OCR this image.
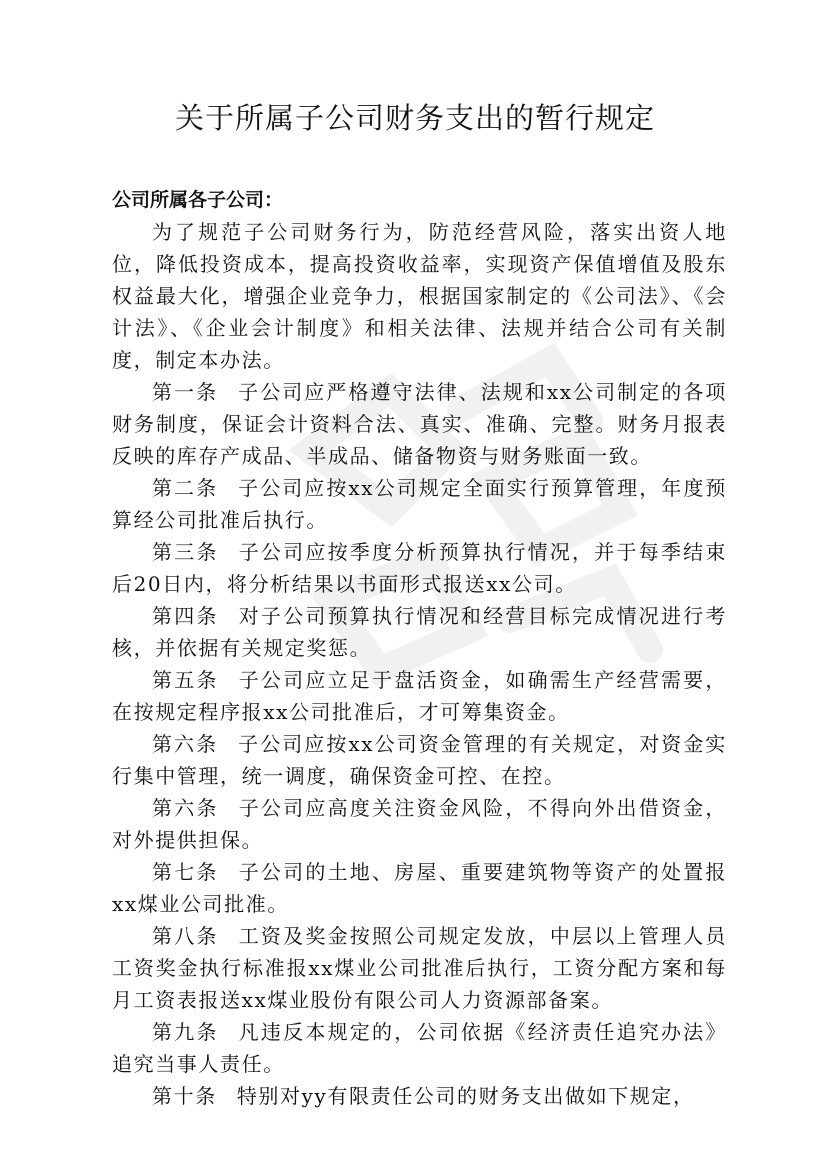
关于所属子公司财务支出的暂行规定

公司所属各子公司：

为了规范子公司财务行为，防范经营风险，落实出资人地位，降低投资成本，提高投资收益率，实现资产保值增值及股东权益最大化，增强企业竞争力，根据国家制定的《公司法》、《会计法》、《企业会计制度》和相关法律、法规并结合公司有关制度，制定本办法。

第一条 子公司应严格遵守法律、法规和xx公司制定的各项财务制度，保证会计资料合法、真实、准确、完整。财务月报表反映的库存产成品、半成品、储备物资与财务账面一致。

第二条 子公司应按xx公司规定全面实行预算管理，年度预算经公司批准后执行。

第三条 子公司应按季度分析预算执行情况，并于每季结束后20日内，将分析结果以书面形式报送xx公司。

第四条 对子公司预算执行情况和经营目标完成情况进行考核，并依据有关规定奖惩。

第五条 子公司应立足于盘活资金，如确需生产经营需要，在按规定程序报xx公司批准后，才可筹集资金。

第六条 子公司应按xx公司资金管理的有关规定，对资金实行集中管理，统一调度，确保资金可控、在控。

第六条 子公司应高度关注资金风险，不得向外出借资金，对外提供担保。

第七条 子公司的土地、房屋、重要建筑物等资产的处置报xx煤业公司批准。

第八条 工资及奖金按照公司规定发放，中层以上管理人员工资奖金执行标准报xx煤业公司批准后执行，工资分配方案和每月工资表报送xx煤业股份有限公司人力资源部备案。

第九条 凡违反本规定的，公司依据《经济责任追究办法》追究当事人责任。

第十条 特别对yy有限责任公司的财务支出做如下规定，
